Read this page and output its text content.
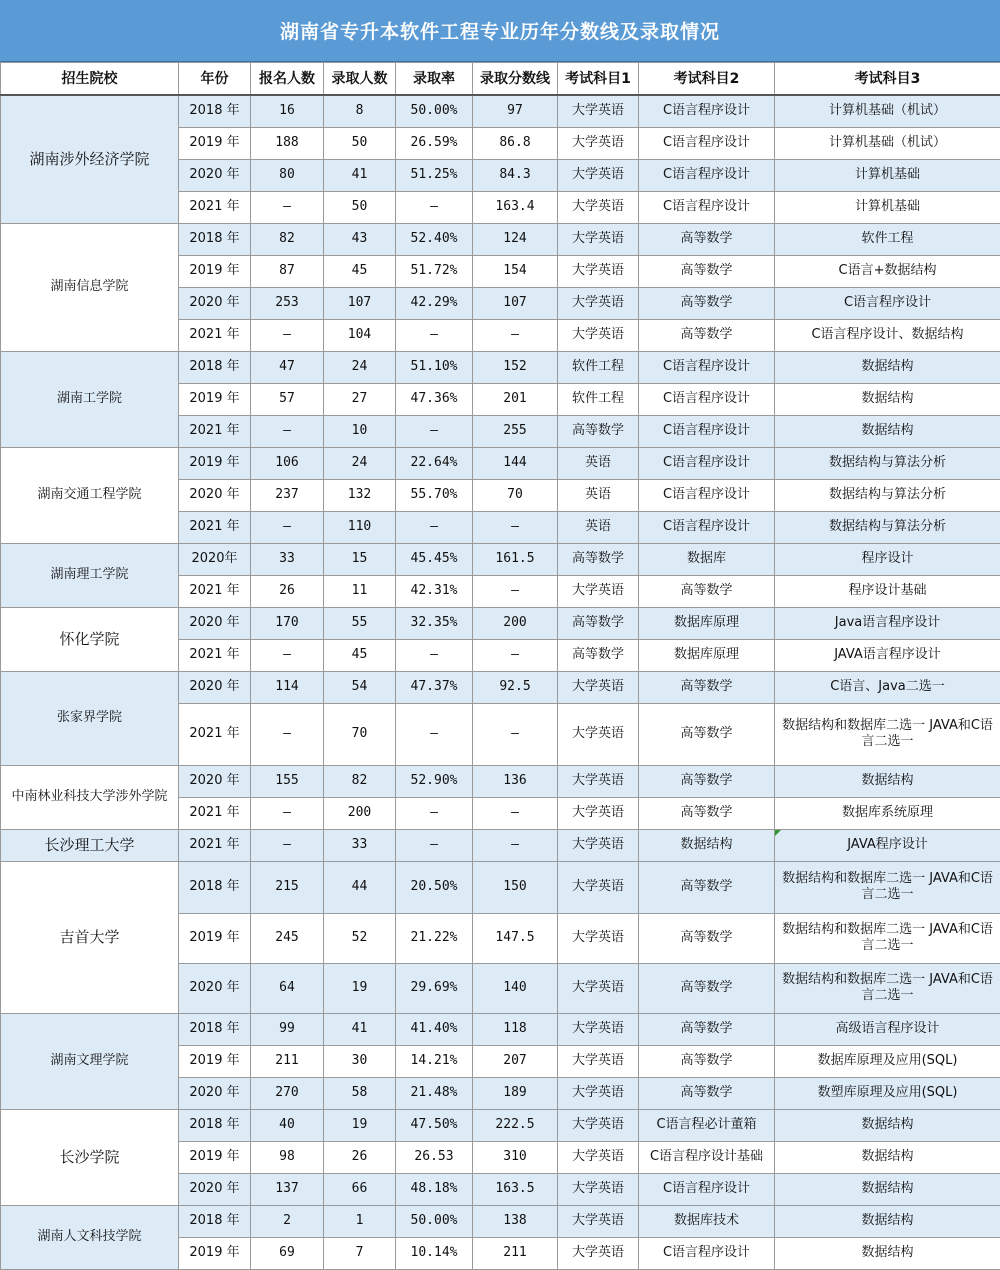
湖南省专升本软件工程专业历年分数线及录取情况
招生院校	年份	报名人数	录取人数	录取率	录取分数线	考试科目1	考试科目2	考试科目3
湖南涉外经济学院	2018 年	16	8	50.00%	97	大学英语	C语言程序设计	计算机基础（机试）
	2019 年	188	50	26.59%	86.8	大学英语	C语言程序设计	计算机基础（机试）
	2020 年	80	41	51.25%	84.3	大学英语	C语言程序设计	计算机基础
	2021 年	—	50	—	163.4	大学英语	C语言程序设计	计算机基础
湖南信息学院	2018 年	82	43	52.40%	124	大学英语	高等数学	软件工程
	2019 年	87	45	51.72%	154	大学英语	高等数学	C语言+数据结构
	2020 年	253	107	42.29%	107	大学英语	高等数学	C语言程序设计
	2021 年	—	104	—	—	大学英语	高等数学	C语言程序设计、数据结构
湖南工学院	2018 年	47	24	51.10%	152	软件工程	C语言程序设计	数据结构
	2019 年	57	27	47.36%	201	软件工程	C语言程序设计	数据结构
	2021 年	—	10	—	255	高等数学	C语言程序设计	数据结构
湖南交通工程学院	2019 年	106	24	22.64%	144	英语	C语言程序设计	数据结构与算法分析
	2020 年	237	132	55.70%	70	英语	C语言程序设计	数据结构与算法分析
	2021 年	—	110	—	—	英语	C语言程序设计	数据结构与算法分析
湖南理工学院	2020年	33	15	45.45%	161.5	高等数学	数据库	程序设计
	2021 年	26	11	42.31%	—	大学英语	高等数学	程序设计基础
怀化学院	2020 年	170	55	32.35%	200	高等数学	数据库原理	Java语言程序设计
	2021 年	—	45	—	—	高等数学	数据库原理	JAVA语言程序设计
张家界学院	2020 年	114	54	47.37%	92.5	大学英语	高等数学	C语言、Java二选一
	2021 年	—	70	—	—	大学英语	高等数学	数据结构和数据库二选一 JAVA和C语言二选一
中南林业科技大学涉外学院	2020 年	155	82	52.90%	136	大学英语	高等数学	数据结构
	2021 年	—	200	—	—	大学英语	高等数学	数据库系统原理
长沙理工大学	2021 年	—	33	—	—	大学英语	数据结构	JAVA程序设计
吉首大学	2018 年	215	44	20.50%	150	大学英语	高等数学	数据结构和数据库二选一 JAVA和C语言二选一
	2019 年	245	52	21.22%	147.5	大学英语	高等数学	数据结构和数据库二选一 JAVA和C语言二选一
	2020 年	64	19	29.69%	140	大学英语	高等数学	数据结构和数据库二选一 JAVA和C语言二选一
湖南文理学院	2018 年	99	41	41.40%	118	大学英语	高等数学	高级语言程序设计
	2019 年	211	30	14.21%	207	大学英语	高等数学	数据库原理及应用(SQL)
	2020 年	270	58	21.48%	189	大学英语	高等数学	数塑库原理及应用(SQL)
长沙学院	2018 年	40	19	47.50%	222.5	大学英语	C语言程必计董箱	数据结构
	2019 年	98	26	26.53	310	大学英语	C语言程序设计基础	数据结构
	2020 年	137	66	48.18%	163.5	大学英语	C语言程序设计	数据结构
湖南人文科技学院	2018 年	2	1	50.00%	138	大学英语	数据库技术	数据结构
	2019 年	69	7	10.14%	211	大学英语	C语言程序设计	数据结构
